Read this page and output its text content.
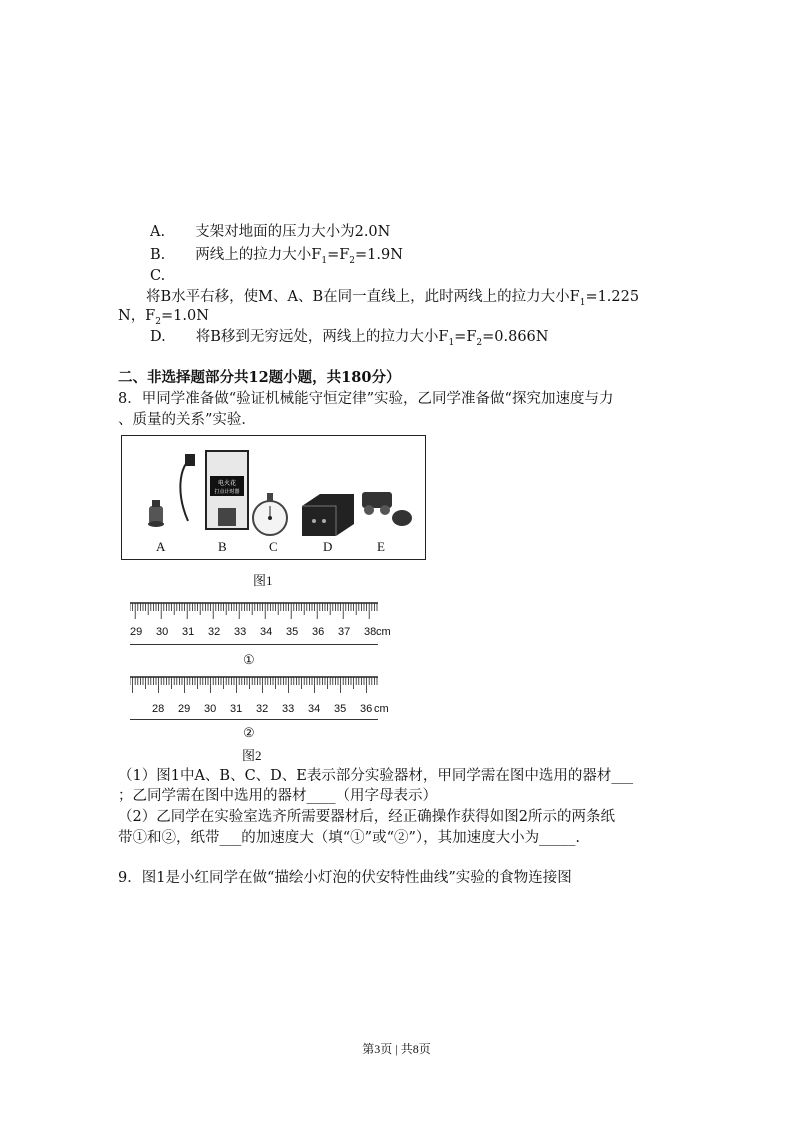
A. 支架对地面的压力大小为2.0N
B. 两线上的拉力大小$F_1=F_2=1.9N$
C.
将B水平右移，使M、A、B在同一直线上，此时两线上的拉力大小$F_1=1.225$
N，$F_2=1.0N$
D. 将B移到无穷远处，两线上的拉力大小$F_1=F_2=0.866N$
二、非选择题部分共12题小题，共180分）
8．甲同学准备做“验证机械能守恒定律”实验，乙同学准备做“探究加速度与力
、质量的关系”实验．
电火花
打点计时器
A	B	C	D	E
图1
29 30 31 32 33 34 35 36 37 38 cm
①
28 29 30 31 32 33 34 35 36 cm
②
图2
（1）图1中A、B、C、D、E表示部分实验器材，甲同学需在图中选用的器材___
；乙同学需在图中选用的器材____（用字母表示）
（2）乙同学在实验室选齐所需要器材后，经正确操作获得如图2所示的两条纸
带①和②，纸带___的加速度大（填“①”或“②”），其加速度大小为_____.
9．图1是小红同学在做“描绘小灯泡的伏安特性曲线”实验的食物连接图
第3页 | 共8页
